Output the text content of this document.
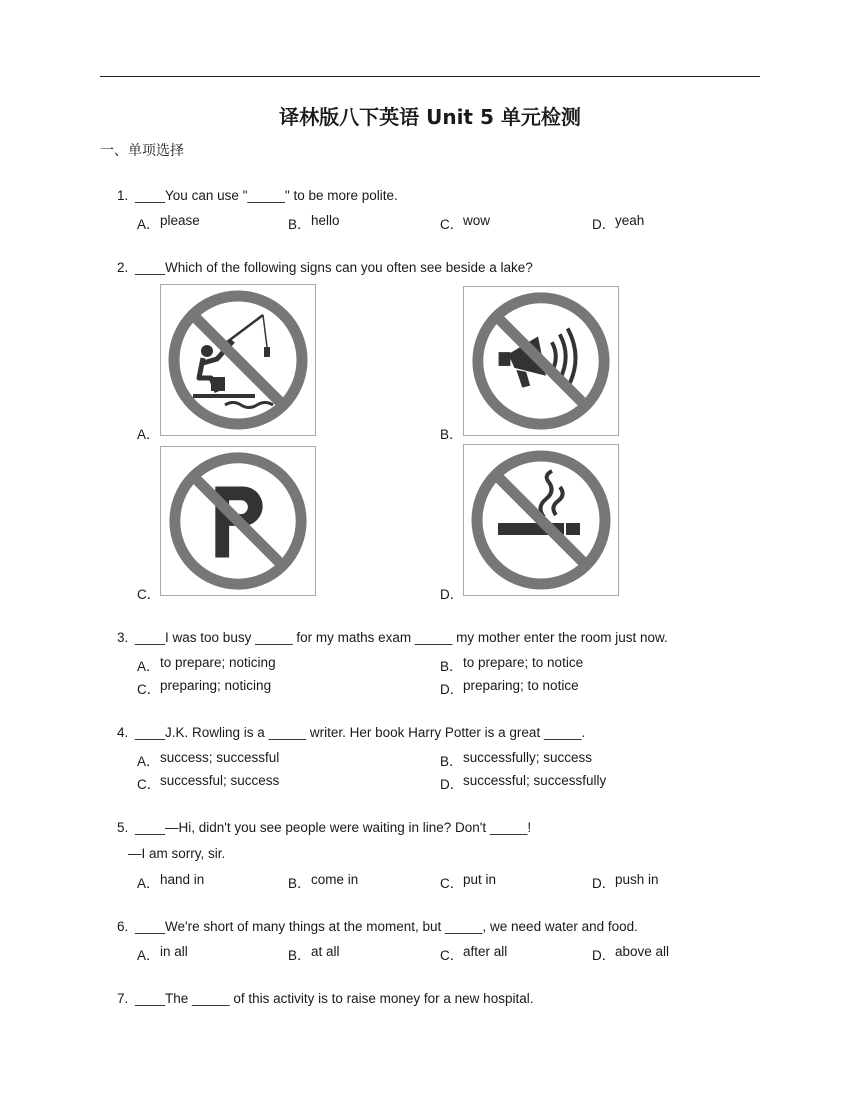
译林版八下英语 Unit 5 单元检测
一、单项选择
1. ____You can use "_____" to be more polite.
A． please	B． hello	C． wow	D． yeah
2. ____Which of the following signs can you often see beside a lake?
A．	B．
C．	D．
3. ____I was too busy _____ for my maths exam _____ my mother enter the room just now.
A． to prepare; noticing	B． to prepare; to notice
C． preparing; noticing	D． preparing; to notice
4. ____J.K. Rowling is a _____ writer. Her book Harry Potter is a great _____.
A． success; successful	B． successfully; success
C． successful; success	D． successful; successfully
5. ____—Hi, didn't you see people were waiting in line? Don't _____!
—I am sorry, sir.
A． hand in	B． come in	C． put in	D． push in
6. ____We're short of many things at the moment, but _____, we need water and food.
A． in all	B． at all	C． after all	D． above all
7. ____The _____ of this activity is to raise money for a new hospital.
